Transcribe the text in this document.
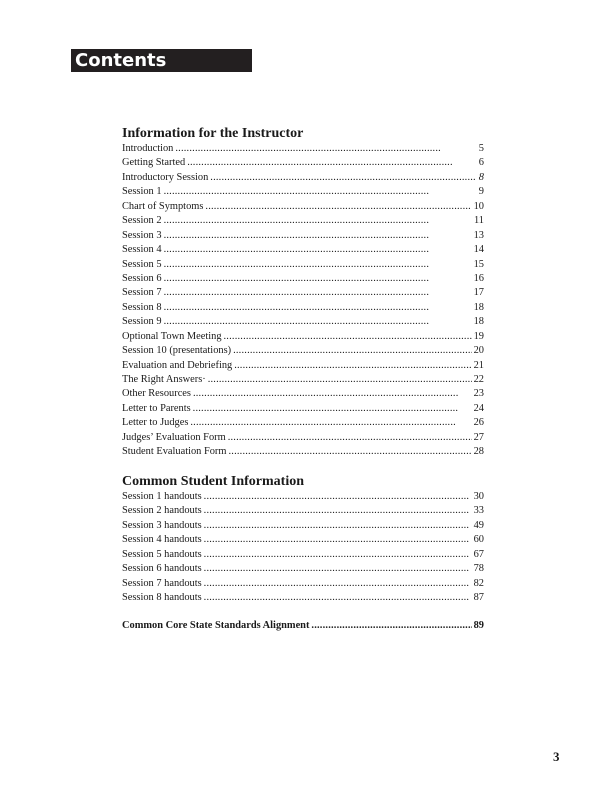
Contents
Information for the Instructor
Introduction . . .	5
Getting Started . . .	6
Introductory Session . . .	8
Session 1 . . .	9
Chart of Symptoms . . .	10
Session 2 . . .	11
Session 3 . . .	13
Session 4 . . .	14
Session 5 . . .	15
Session 6 . . .	16
Session 7 . . .	17
Session 8 . . .	18
Session 9 . . .	18
Optional Town Meeting . . .	19
Session 10 (presentations) . . .	20
Evaluation and Debriefing . . .	21
The Right Answers· . . .	22
Other Resources . . .	23
Letter to Parents . . .	24
Letter to Judges . . .	26
Judges’ Evaluation Form . . .	27
Student Evaluation Form . . .	28
Common Student Information
Session 1 handouts . . .	30
Session 2 handouts . . .	33
Session 3 handouts . . .	49
Session 4 handouts . . .	60
Session 5 handouts . . .	67
Session 6 handouts . . .	78
Session 7 handouts . . .	82
Session 8 handouts . . .	87
Common Core State Standards Alignment . . .	89
3
